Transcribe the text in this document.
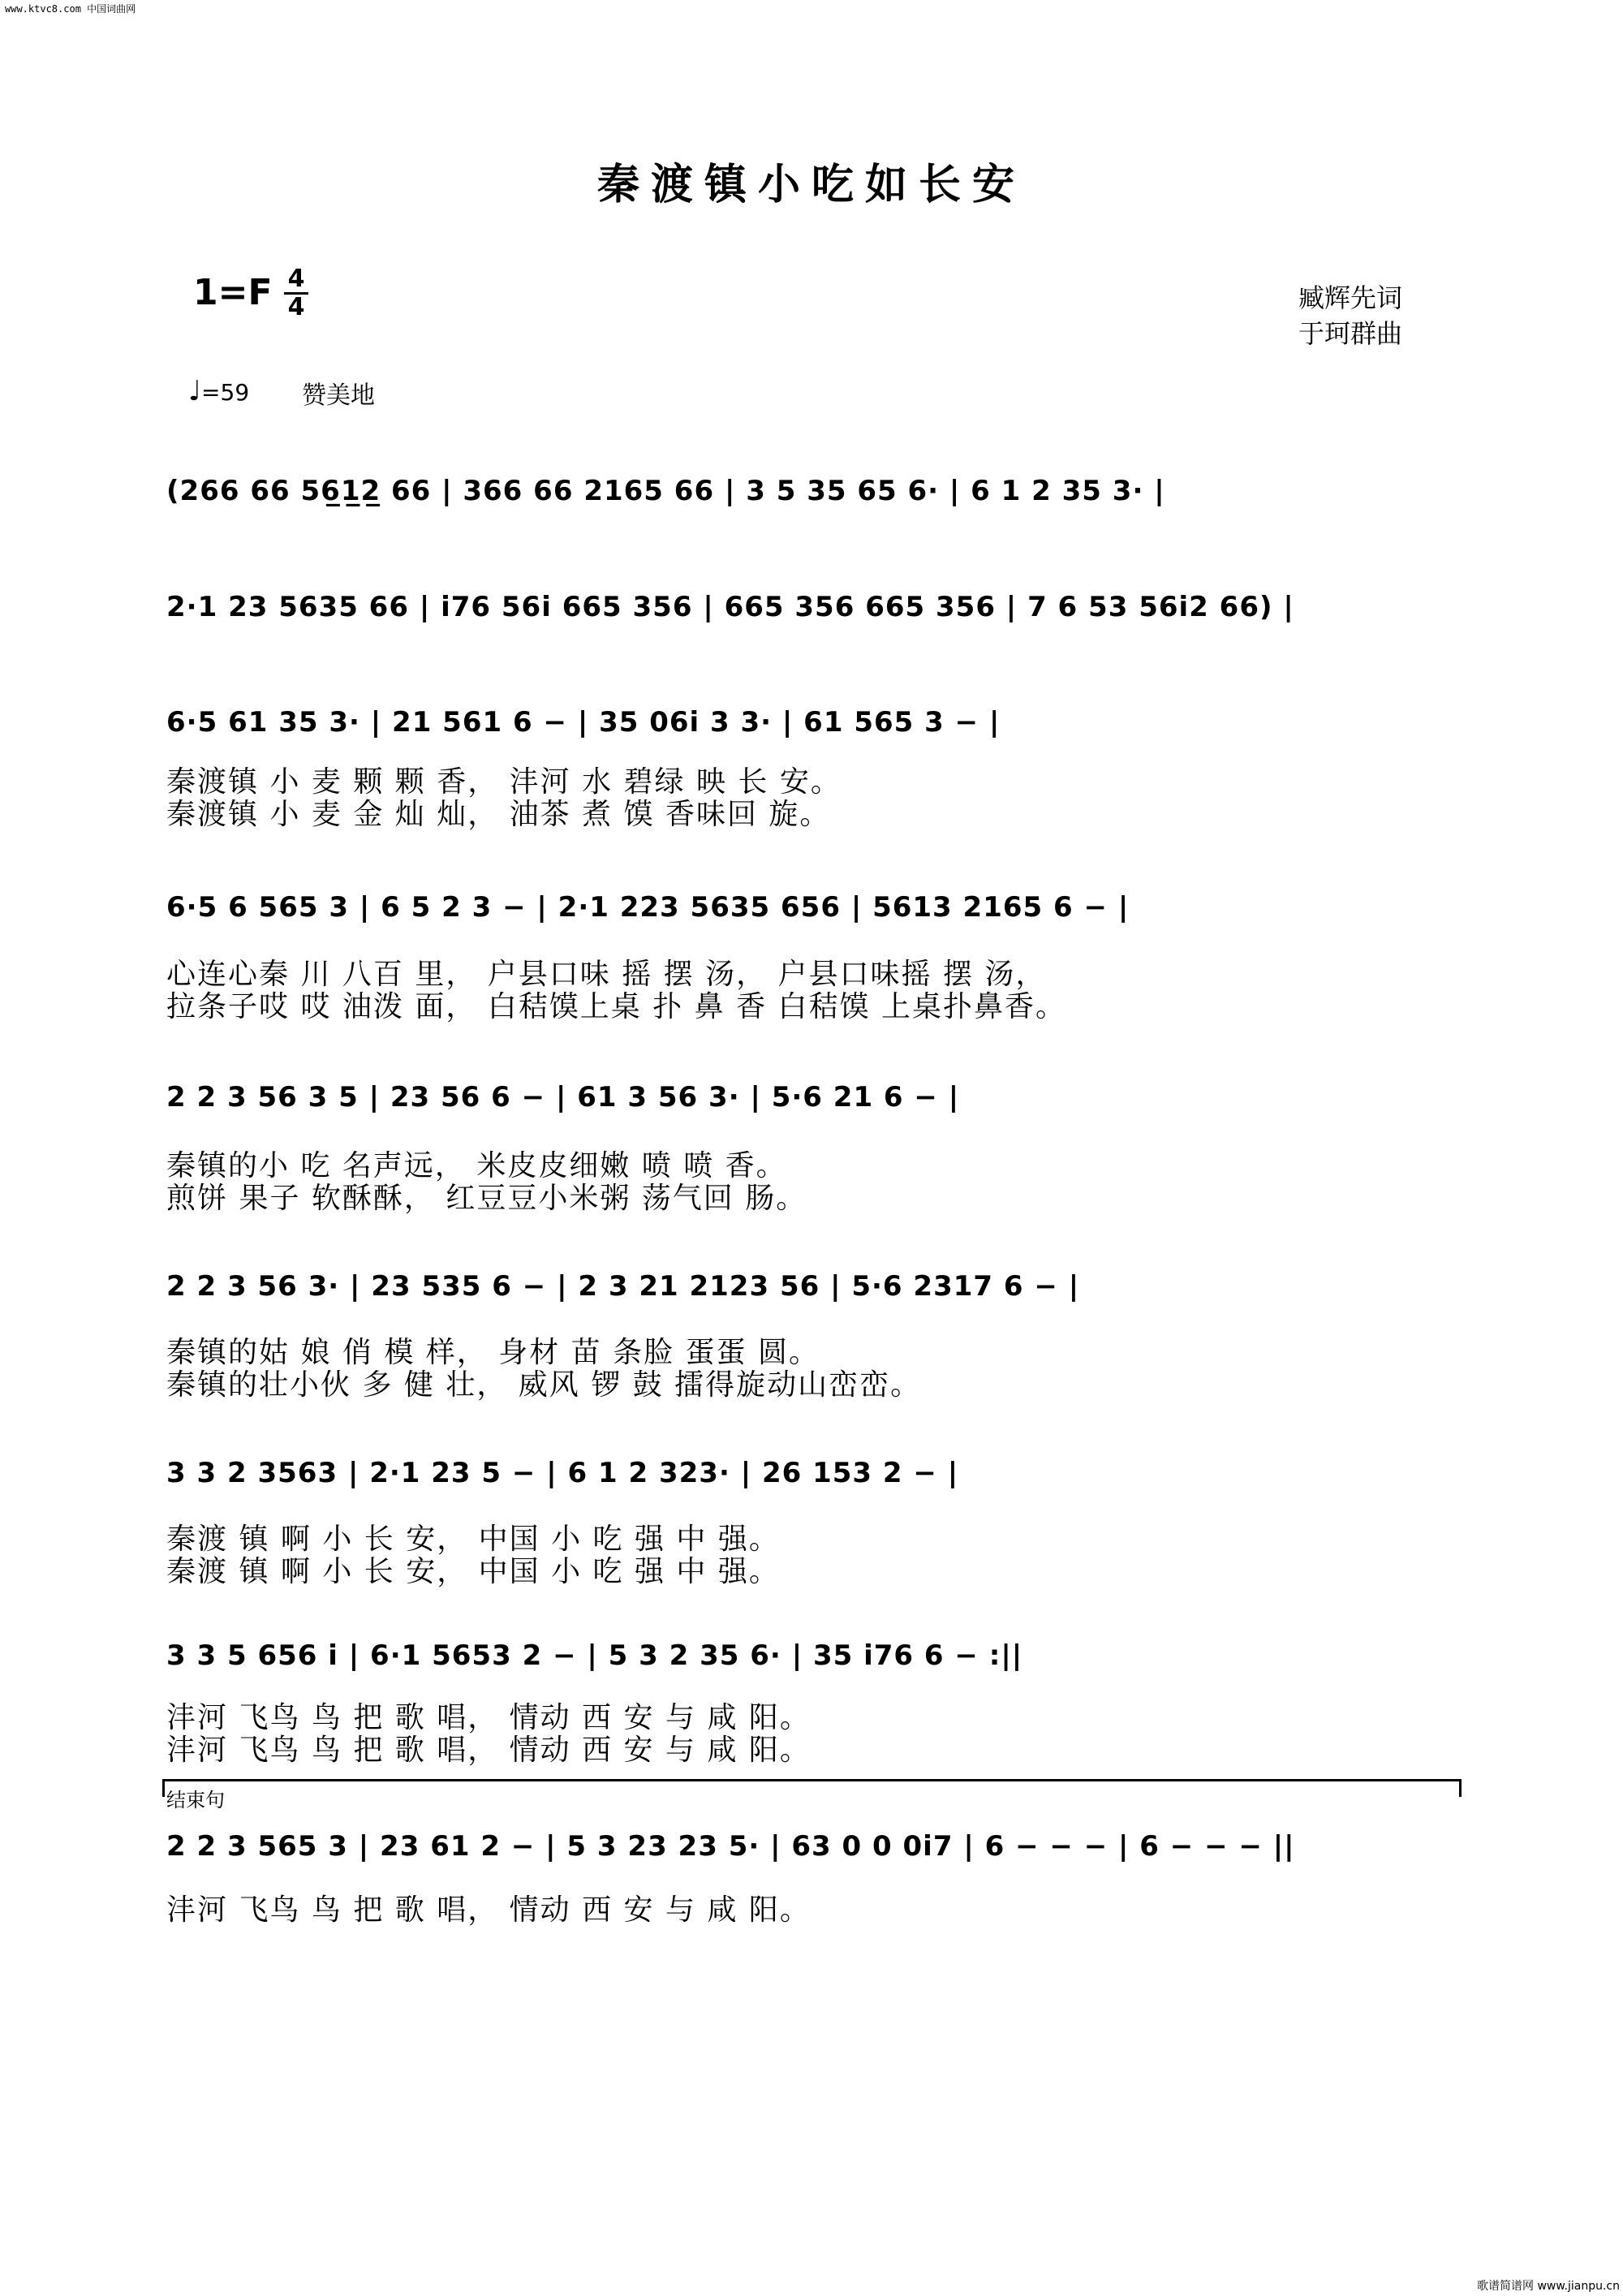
www.ktvc8.com 中国词曲网
秦渡镇小吃如长安
1=F 4
4	臧辉先词
于珂群曲
♩=59 赞美地
(266 66 56̲1̲2̲ 66 | 366 66 2165 66 | 3 5 35 65 6· | 6 1 2 35 3· |
2·1 23 5635 66 | i76 56i 665 356 | 665 356 665 356 | 7 6 53 56i2 66) |
6·5 61 35 3· | 21 561 6 − | 35 06i 3 3· | 61 565 3 − |
秦渡镇 小 麦 颗 颗 香， 沣河 水 碧绿 映 长 安。
秦渡镇 小 麦 金 灿 灿， 油茶 煮 馍 香味回 旋。
6·5 6 565 3 | 6 5 2 3 − | 2·1 223 5635 656 | 5613 2165 6 − |
心连心秦 川 八百 里， 户县口味 摇 摆 汤， 户县口味摇 摆 汤，
拉条子哎 哎 油泼 面， 白秸馍上桌 扑 鼻 香 白秸馍 上桌扑鼻香。
2 2 3 56 3 5 | 23 56 6 − | 61 3 56 3· | 5·6 21 6 − |
秦镇的小 吃 名声远， 米皮皮细嫩 喷 喷 香。
煎饼 果子 软酥酥， 红豆豆小米粥 荡气回 肠。
2 2 3 56 3· | 23 535 6 − | 2 3 21 2123 56 | 5·6 2317 6 − |
秦镇的姑 娘 俏 模 样， 身材 苗 条脸 蛋蛋 圆。
秦镇的壮小伙 多 健 壮， 威风 锣 鼓 擂得旋动山峦峦。
3 3 2 3563 | 2·1 23 5 − | 6 1 2 323· | 26 153 2 − |
秦渡 镇 啊 小 长 安， 中国 小 吃 强 中 强。
秦渡 镇 啊 小 长 安， 中国 小 吃 强 中 强。
3 3 5 656 i | 6·1 5653 2 − | 5 3 2 35 6· | 35 i76 6 − :||
沣河 飞鸟 鸟 把 歌 唱， 情动 西 安 与 咸 阳。
沣河 飞鸟 鸟 把 歌 唱， 情动 西 安 与 咸 阳。
结束句
2 2 3 565 3 | 23 61 2 − | 5 3 23 23 5· | 63 0 0 0i7 | 6 − − − | 6 − − − ||
沣河 飞鸟 鸟 把 歌 唱， 情动 西 安 与 咸 阳。
歌谱简谱网 www.jianpu.cn
